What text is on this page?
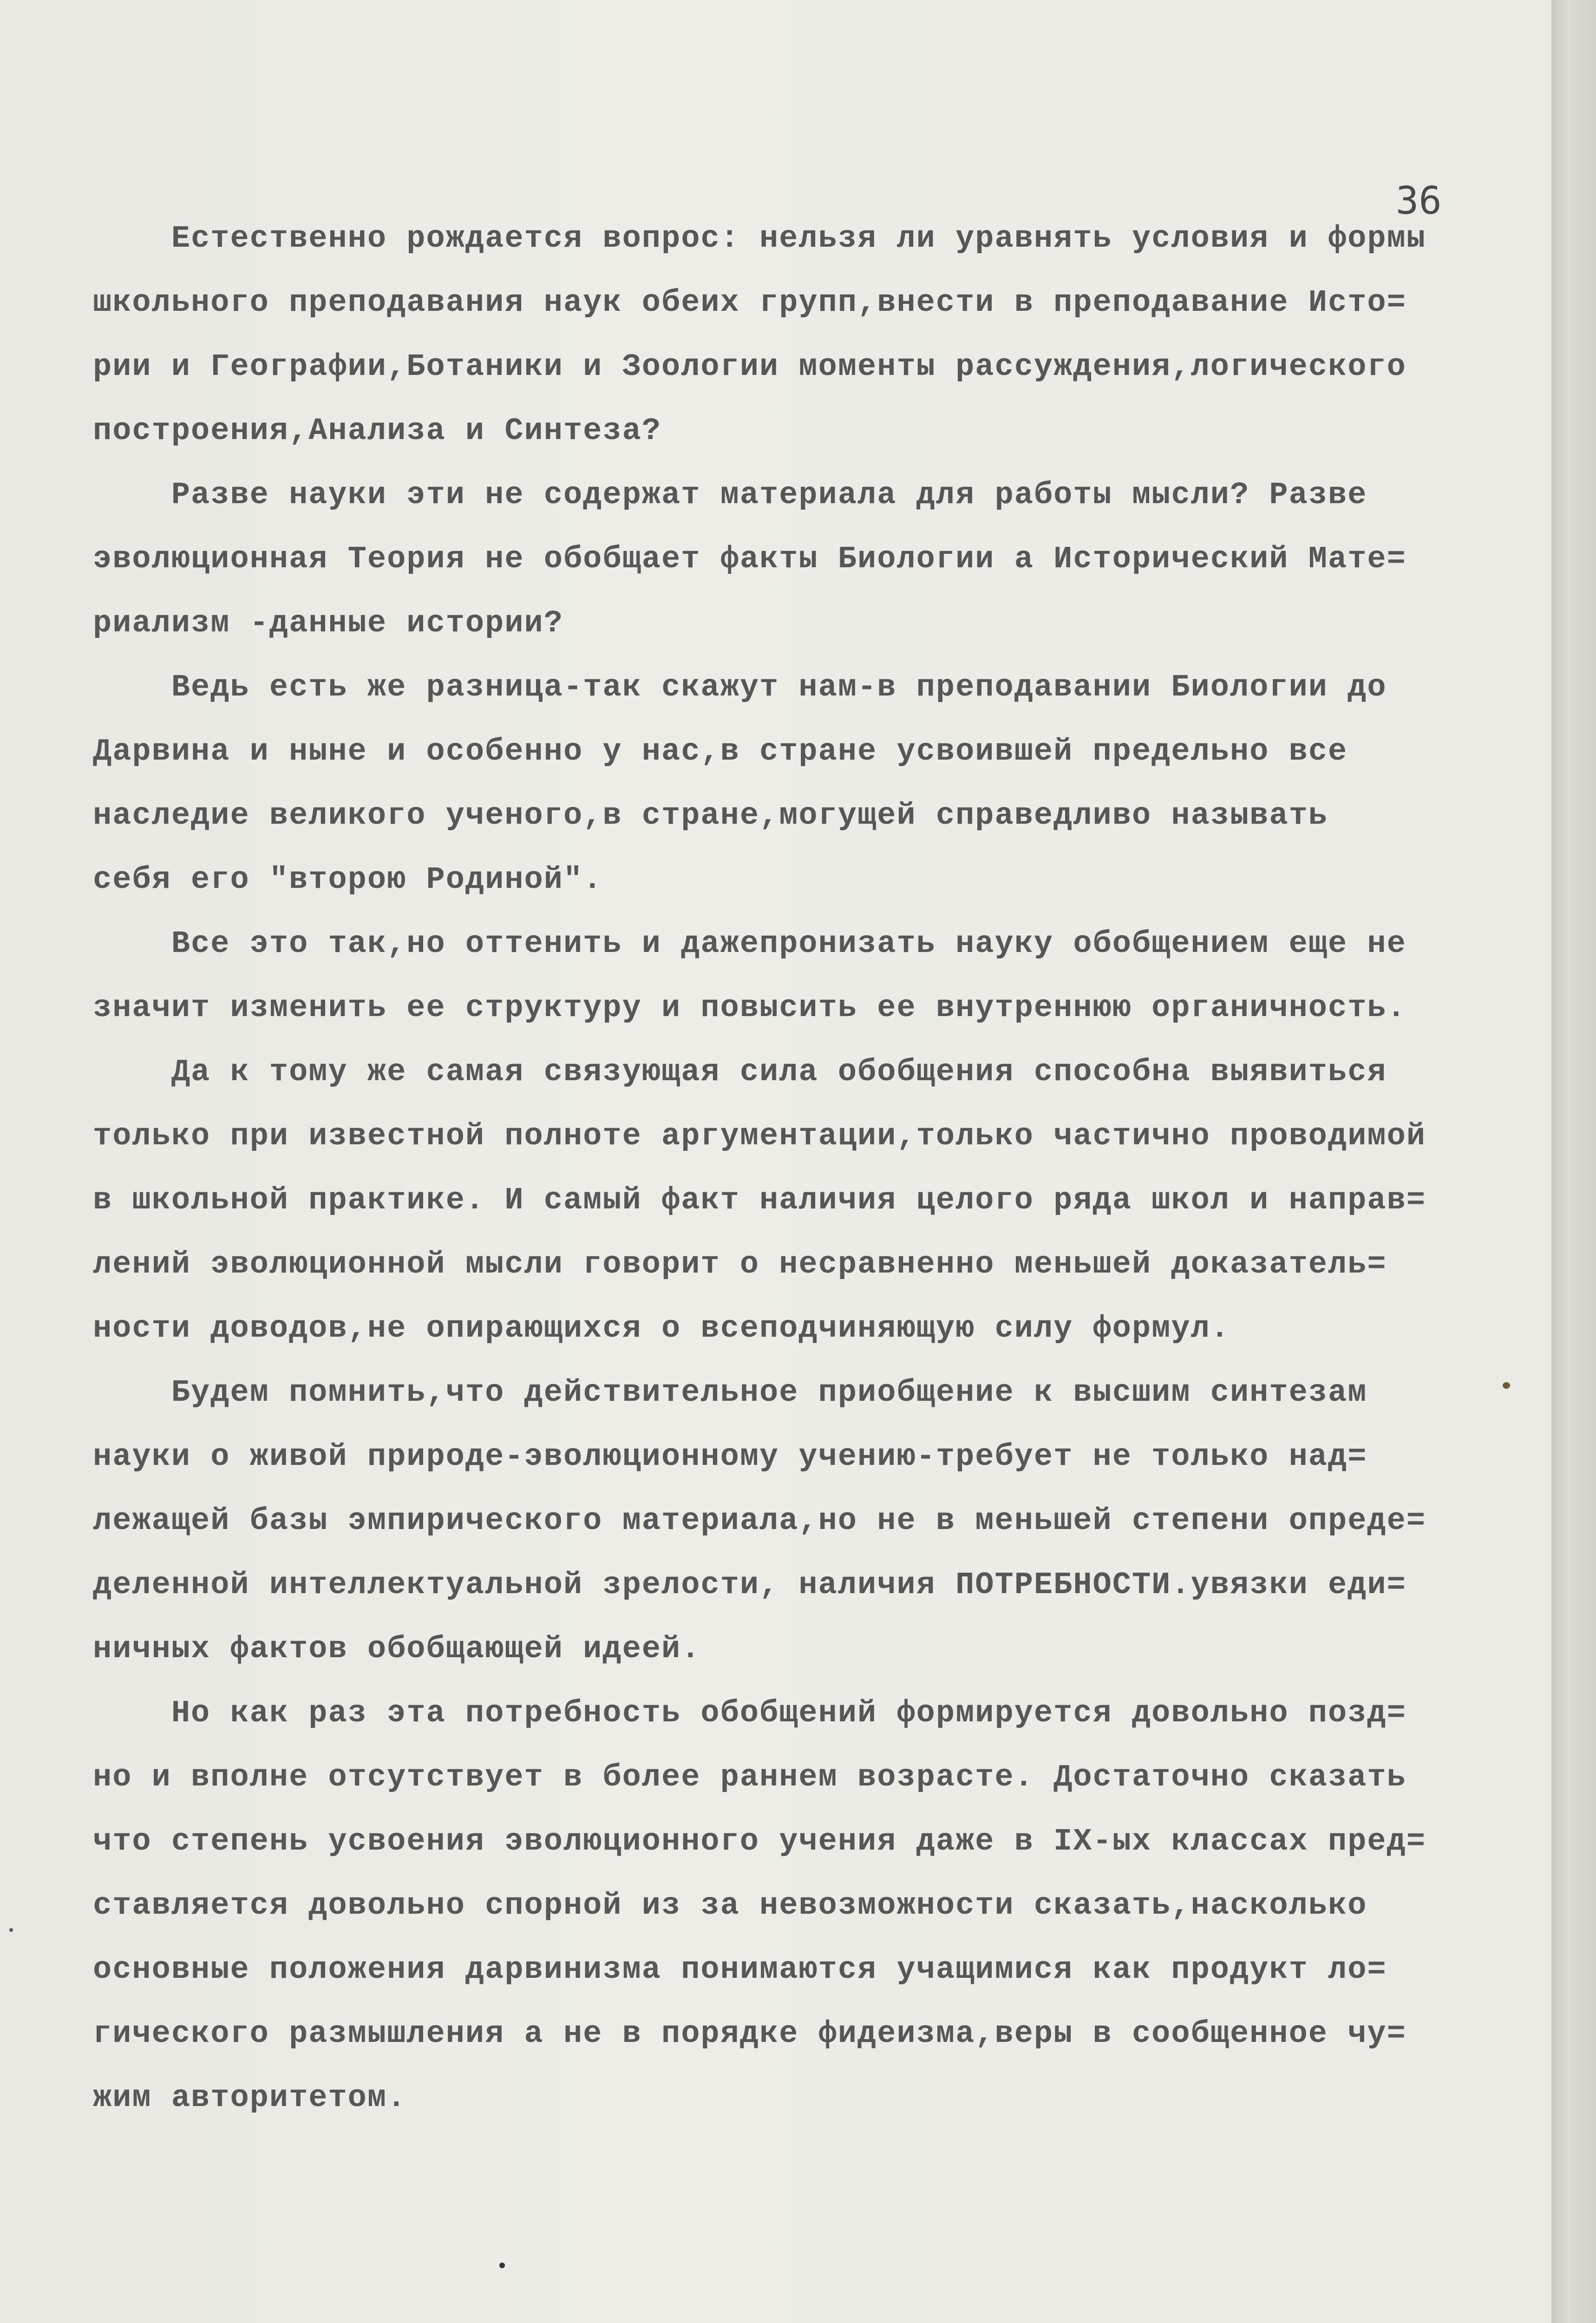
36
Естественно рождается вопрос: нельзя ли уравнять условия и формы
школьного преподавания наук обеих групп,внести в преподавание Исто=
рии и Географии,Ботаники и Зоологии моменты рассуждения,логического
построения,Анализа и Синтеза?
Разве науки эти не содержат материала для работы мысли? Разве
эволюционная Теория не обобщает факты Биологии а Исторический Мате=
риализм -данные истории?
Ведь есть же разница-так скажут нам-в преподавании Биологии до
Дарвина и ныне и особенно у нас,в стране усвоившей предельно все
наследие великого ученого,в стране,могущей справедливо называть
себя его "второю Родиной".
Все это так,но оттенить и дажепронизать науку обобщением еще не
значит изменить ее структуру и повысить ее внутреннюю органичность.
Да к тому же самая связующая сила обобщения способна выявиться
только при известной полноте аргументации,только частично проводимой
в школьной практике. И самый факт наличия целого ряда школ и направ=
лений эволюционной мысли говорит о несравненно меньшей доказатель=
ности доводов,не опирающихся о всеподчиняющую силу формул.
Будем помнить,что действительное приобщение к высшим синтезам
науки о живой природе-эволюционному учению-требует не только над=
лежащей базы эмпирического материала,но не в меньшей степени опреде=
деленной интеллектуальной зрелости, наличия ПОТРЕБНОСТИ.увязки еди=
ничных фактов обобщающей идеей.
Но как раз эта потребность обобщений формируется довольно позд=
но и вполне отсутствует в более раннем возрасте. Достаточно сказать
что степень усвоения эволюционного учения даже в IX-ых классах пред=
ставляется довольно спорной из за невозможности сказать,насколько
основные положения дарвинизма понимаются учащимися как продукт ло=
гического размышления а не в порядке фидеизма,веры в сообщенное чу=
жим авторитетом.
